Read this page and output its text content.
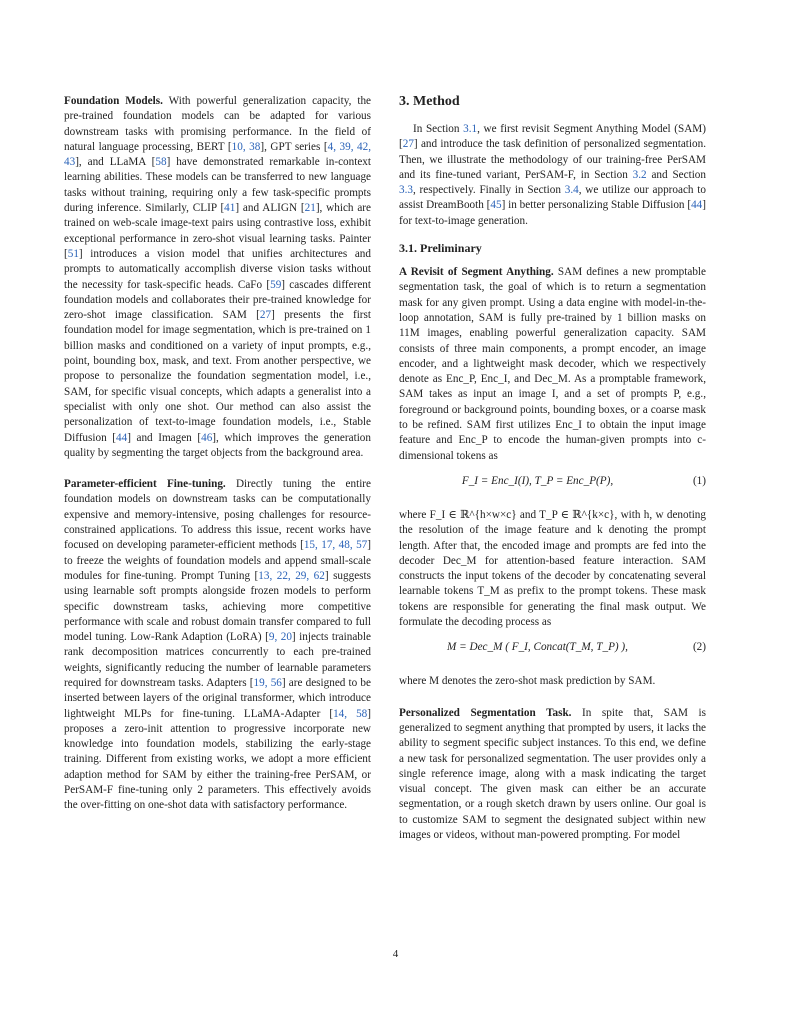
Foundation Models. With powerful generalization capacity, the pre-trained foundation models can be adapted for various downstream tasks with promising performance. In the field of natural language processing, BERT [10, 38], GPT series [4, 39, 42, 43], and LLaMA [58] have demonstrated remarkable in-context learning abilities. These models can be transferred to new language tasks without training, requiring only a few task-specific prompts during inference. Similarly, CLIP [41] and ALIGN [21], which are trained on web-scale image-text pairs using contrastive loss, exhibit exceptional performance in zero-shot visual learning tasks. Painter [51] introduces a vision model that unifies architectures and prompts to automatically accomplish diverse vision tasks without the necessity for task-specific heads. CaFo [59] cascades different foundation models and collaborates their pre-trained knowledge for zero-shot image classification. SAM [27] presents the first foundation model for image segmentation, which is pre-trained on 1 billion masks and conditioned on a variety of input prompts, e.g., point, bounding box, mask, and text. From another perspective, we propose to personalize the foundation segmentation model, i.e., SAM, for specific visual concepts, which adapts a generalist into a specialist with only one shot. Our method can also assist the personalization of text-to-image foundation models, i.e., Stable Diffusion [44] and Imagen [46], which improves the generation quality by segmenting the target objects from the background area.

Parameter-efficient Fine-tuning. Directly tuning the entire foundation models on downstream tasks can be computationally expensive and memory-intensive, posing challenges for resource-constrained applications. To address this issue, recent works have focused on developing parameter-efficient methods [15, 17, 48, 57] to freeze the weights of foundation models and append small-scale modules for fine-tuning. Prompt Tuning [13, 22, 29, 62] suggests using learnable soft prompts alongside frozen models to perform specific downstream tasks, achieving more competitive performance with scale and robust domain transfer compared to full model tuning. Low-Rank Adaption (LoRA) [9, 20] injects trainable rank decomposition matrices concurrently to each pre-trained weights, significantly reducing the number of learnable parameters required for downstream tasks. Adapters [19, 56] are designed to be inserted between layers of the original transformer, which introduce lightweight MLPs for fine-tuning. LLaMA-Adapter [14, 58] proposes a zero-init attention to progressive incorporate new knowledge into foundation models, stabilizing the early-stage training. Different from existing works, we adopt a more efficient adaption method for SAM by either the training-free PerSAM, or PerSAM-F fine-tuning only 2 parameters. This effectively avoids the over-fitting on one-shot data with satisfactory performance.

3. Method

In Section 3.1, we first revisit Segment Anything Model (SAM) [27] and introduce the task definition of personalized segmentation. Then, we illustrate the methodology of our training-free PerSAM and its fine-tuned variant, PerSAM-F, in Section 3.2 and Section 3.3, respectively. Finally in Section 3.4, we utilize our approach to assist DreamBooth [45] in better personalizing Stable Diffusion [44] for text-to-image generation.

3.1. Preliminary

A Revisit of Segment Anything. SAM defines a new promptable segmentation task, the goal of which is to return a segmentation mask for any given prompt. Using a data engine with model-in-the-loop annotation, SAM is fully pre-trained by 1 billion masks on 11M images, enabling powerful generalization capacity. SAM consists of three main components, a prompt encoder, an image encoder, and a lightweight mask decoder, which we respectively denote as Enc_P, Enc_I, and Dec_M. As a promptable framework, SAM takes as input an image I, and a set of prompts P, e.g., foreground or background points, bounding boxes, or a coarse mask to be refined. SAM first utilizes Enc_I to obtain the input image feature and Enc_P to encode the human-given prompts into c-dimensional tokens as

F_I = Enc_I(I), T_P = Enc_P(P),	(1)

where F_I ∈ ℝ^{h×w×c} and T_P ∈ ℝ^{k×c}, with h, w denoting the resolution of the image feature and k denoting the prompt length. After that, the encoded image and prompts are fed into the decoder Dec_M for attention-based feature interaction. SAM constructs the input tokens of the decoder by concatenating several learnable tokens T_M as prefix to the prompt tokens. These mask tokens are responsible for generating the final mask output. We formulate the decoding process as

M = Dec_M ( F_I, Concat(T_M, T_P) ),	(2)

where M denotes the zero-shot mask prediction by SAM.

Personalized Segmentation Task. In spite that, SAM is generalized to segment anything that prompted by users, it lacks the ability to segment specific subject instances. To this end, we define a new task for personalized segmentation. The user provides only a single reference image, along with a mask indicating the target visual concept. The given mask can either be an accurate segmentation, or a rough sketch drawn by users online. Our goal is to customize SAM to segment the designated subject within new images or videos, without man-powered prompting. For model

4
